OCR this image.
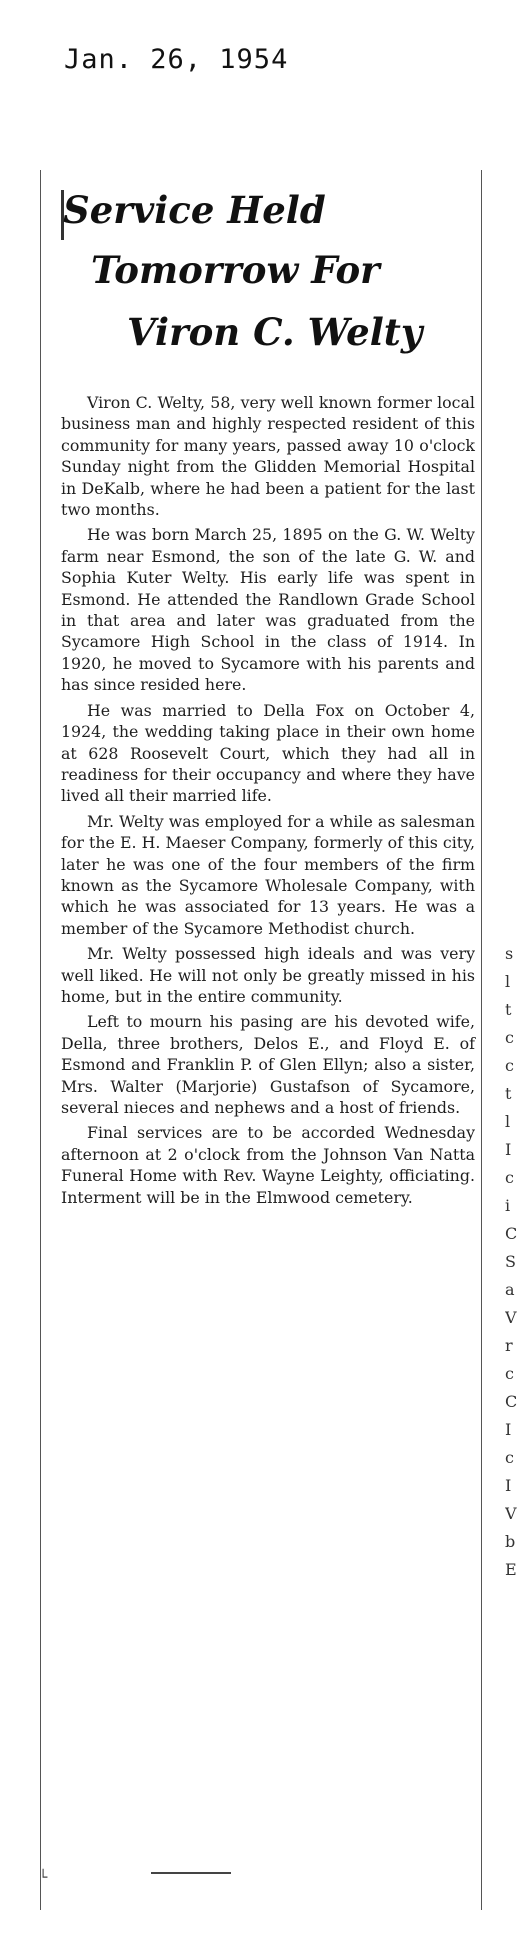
Jan. 26, 1954
Service Held
Tomorrow For
Viron C. Welty

Viron C. Welty, 58, very well known former local business man and highly respected resident of this community for many years, passed away 10 o'clock Sunday night from the Glidden Memorial Hospital in DeKalb, where he had been a patient for the last two months.

He was born March 25, 1895 on the G. W. Welty farm near Esmond, the son of the late G. W. and Sophia Kuter Welty. His early life was spent in Esmond. He attended the Randlown Grade School in that area and later was graduated from the Sycamore High School in the class of 1914. In 1920, he moved to Sycamore with his parents and has since resided here.

He was married to Della Fox on October 4, 1924, the wedding taking place in their own home at 628 Roosevelt Court, which they had all in readiness for their occupancy and where they have lived all their married life.

Mr. Welty was employed for a while as salesman for the E. H. Maeser Company, formerly of this city, later he was one of the four members of the firm known as the Sycamore Wholesale Company, with which he was associated for 13 years. He was a member of the Sycamore Methodist church.

Mr. Welty possessed high ideals and was very well liked. He will not only be greatly missed in his home, but in the entire community.

Left to mourn his pasing are his devoted wife, Della, three brothers, Delos E., and Floyd E. of Esmond and Franklin P. of Glen Ellyn; also a sister, Mrs. Walter (Marjorie) Gustafson of Sycamore, several nieces and nephews and a host of friends.

Final services are to be accorded Wednesday afternoon at 2 o'clock from the Johnson Van Natta Funeral Home with Rev. Wayne Leighty, officiating. Interment will be in the Elmwood cemetery.

└
s
l
t
c
c
t
l
I
c
i
C
S
a
V
r
c
C
I
c
I
V
b
E
